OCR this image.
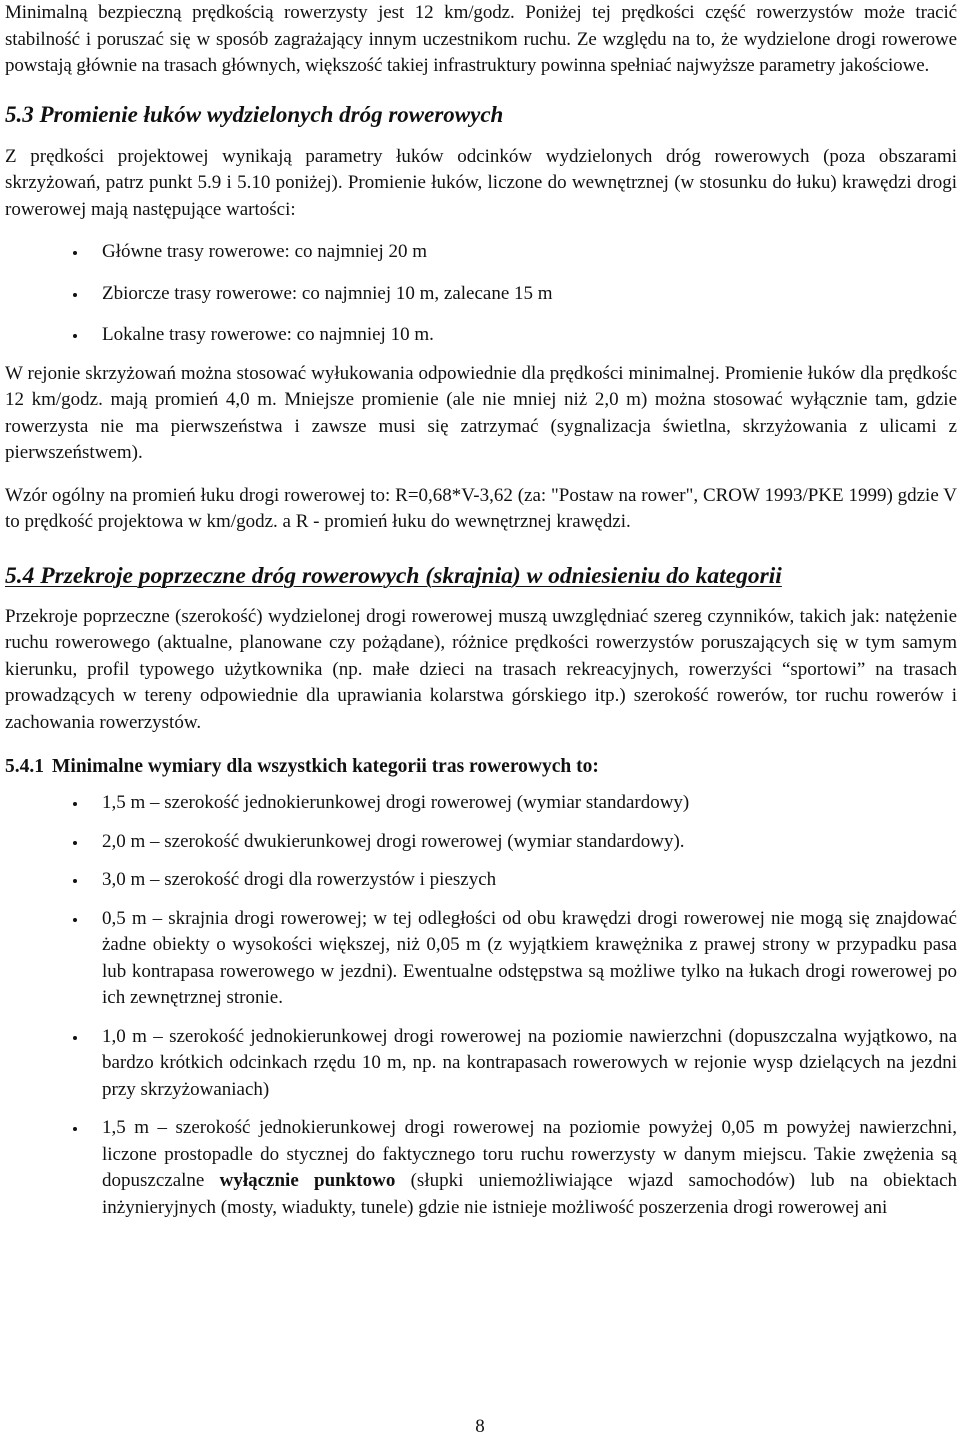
Minimalną bezpieczną prędkością rowerzysty jest 12 km/godz. Poniżej tej prędkości część rowerzystów może tracić stabilność i poruszać się w sposób zagrażający innym uczestnikom ruchu. Ze względu na to, że wydzielone drogi rowerowe powstają głównie na trasach głównych, większość takiej infrastruktury powinna spełniać najwyższe parametry jakościowe.

5.3 Promienie łuków wydzielonych dróg rowerowych

Z prędkości projektowej wynikają parametry łuków odcinków wydzielonych dróg rowerowych (poza obszarami skrzyżowań, patrz punkt 5.9 i 5.10 poniżej). Promienie łuków, liczone do wewnętrznej (w stosunku do łuku) krawędzi drogi rowerowej mają następujące wartości:

Główne trasy rowerowe: co najmniej 20 m
Zbiorcze trasy rowerowe: co najmniej 10 m, zalecane 15 m
Lokalne trasy rowerowe: co najmniej 10 m.

W rejonie skrzyżowań można stosować wyłukowania odpowiednie dla prędkości minimalnej. Promienie łuków dla prędkośc 12 km/godz. mają promień 4,0 m. Mniejsze promienie (ale nie mniej niż 2,0 m) można stosować wyłącznie tam, gdzie rowerzysta nie ma pierwszeństwa i zawsze musi się zatrzymać (sygnalizacja świetlna, skrzyżowania z ulicami z pierwszeństwem).

Wzór ogólny na promień łuku drogi rowerowej to: R=0,68*V-3,62 (za: "Postaw na rower", CROW 1993/PKE 1999) gdzie V to prędkość projektowa w km/godz. a R - promień łuku do wewnętrznej krawędzi.

5.4 Przekroje poprzeczne dróg rowerowych (skrajnia) w odniesieniu do kategorii

Przekroje poprzeczne (szerokość) wydzielonej drogi rowerowej muszą uwzględniać szereg czynników, takich jak: natężenie ruchu rowerowego (aktualne, planowane czy pożądane), różnice prędkości rowerzystów poruszających się w tym samym kierunku, profil typowego użytkownika (np. małe dzieci na trasach rekreacyjnych, rowerzyści “sportowi” na trasach prowadzących w tereny odpowiednie dla uprawiania kolarstwa górskiego itp.) szerokość rowerów, tor ruchu rowerów i zachowania rowerzystów.

5.4.1 Minimalne wymiary dla wszystkich kategorii tras rowerowych to:
1,5 m – szerokość jednokierunkowej drogi rowerowej (wymiar standardowy)
2,0 m – szerokość dwukierunkowej drogi rowerowej (wymiar standardowy).
3,0 m – szerokość drogi dla rowerzystów i pieszych
0,5 m – skrajnia drogi rowerowej; w tej odległości od obu krawędzi drogi rowerowej nie mogą się znajdować żadne obiekty o wysokości większej, niż 0,05 m (z wyjątkiem krawężnika z prawej strony w przypadku pasa lub kontrapasa rowerowego w jezdni). Ewentualne odstępstwa są możliwe tylko na łukach drogi rowerowej po ich zewnętrznej stronie.
1,0 m – szerokość jednokierunkowej drogi rowerowej na poziomie nawierzchni (dopuszczalna wyjątkowo, na bardzo krótkich odcinkach rzędu 10 m, np. na kontrapasach rowerowych w rejonie wysp dzielących na jezdni przy skrzyżowaniach)
1,5 m – szerokość jednokierunkowej drogi rowerowej na poziomie powyżej 0,05 m powyżej nawierzchni, liczone prostopadle do stycznej do faktycznego toru ruchu rowerzysty w danym miejscu. Takie zwężenia są dopuszczalne wyłącznie punktowo (słupki uniemożliwiające wjazd samochodów) lub na obiektach inżynieryjnych (mosty, wiadukty, tunele) gdzie nie istnieje możliwość poszerzenia drogi rowerowej ani
8
